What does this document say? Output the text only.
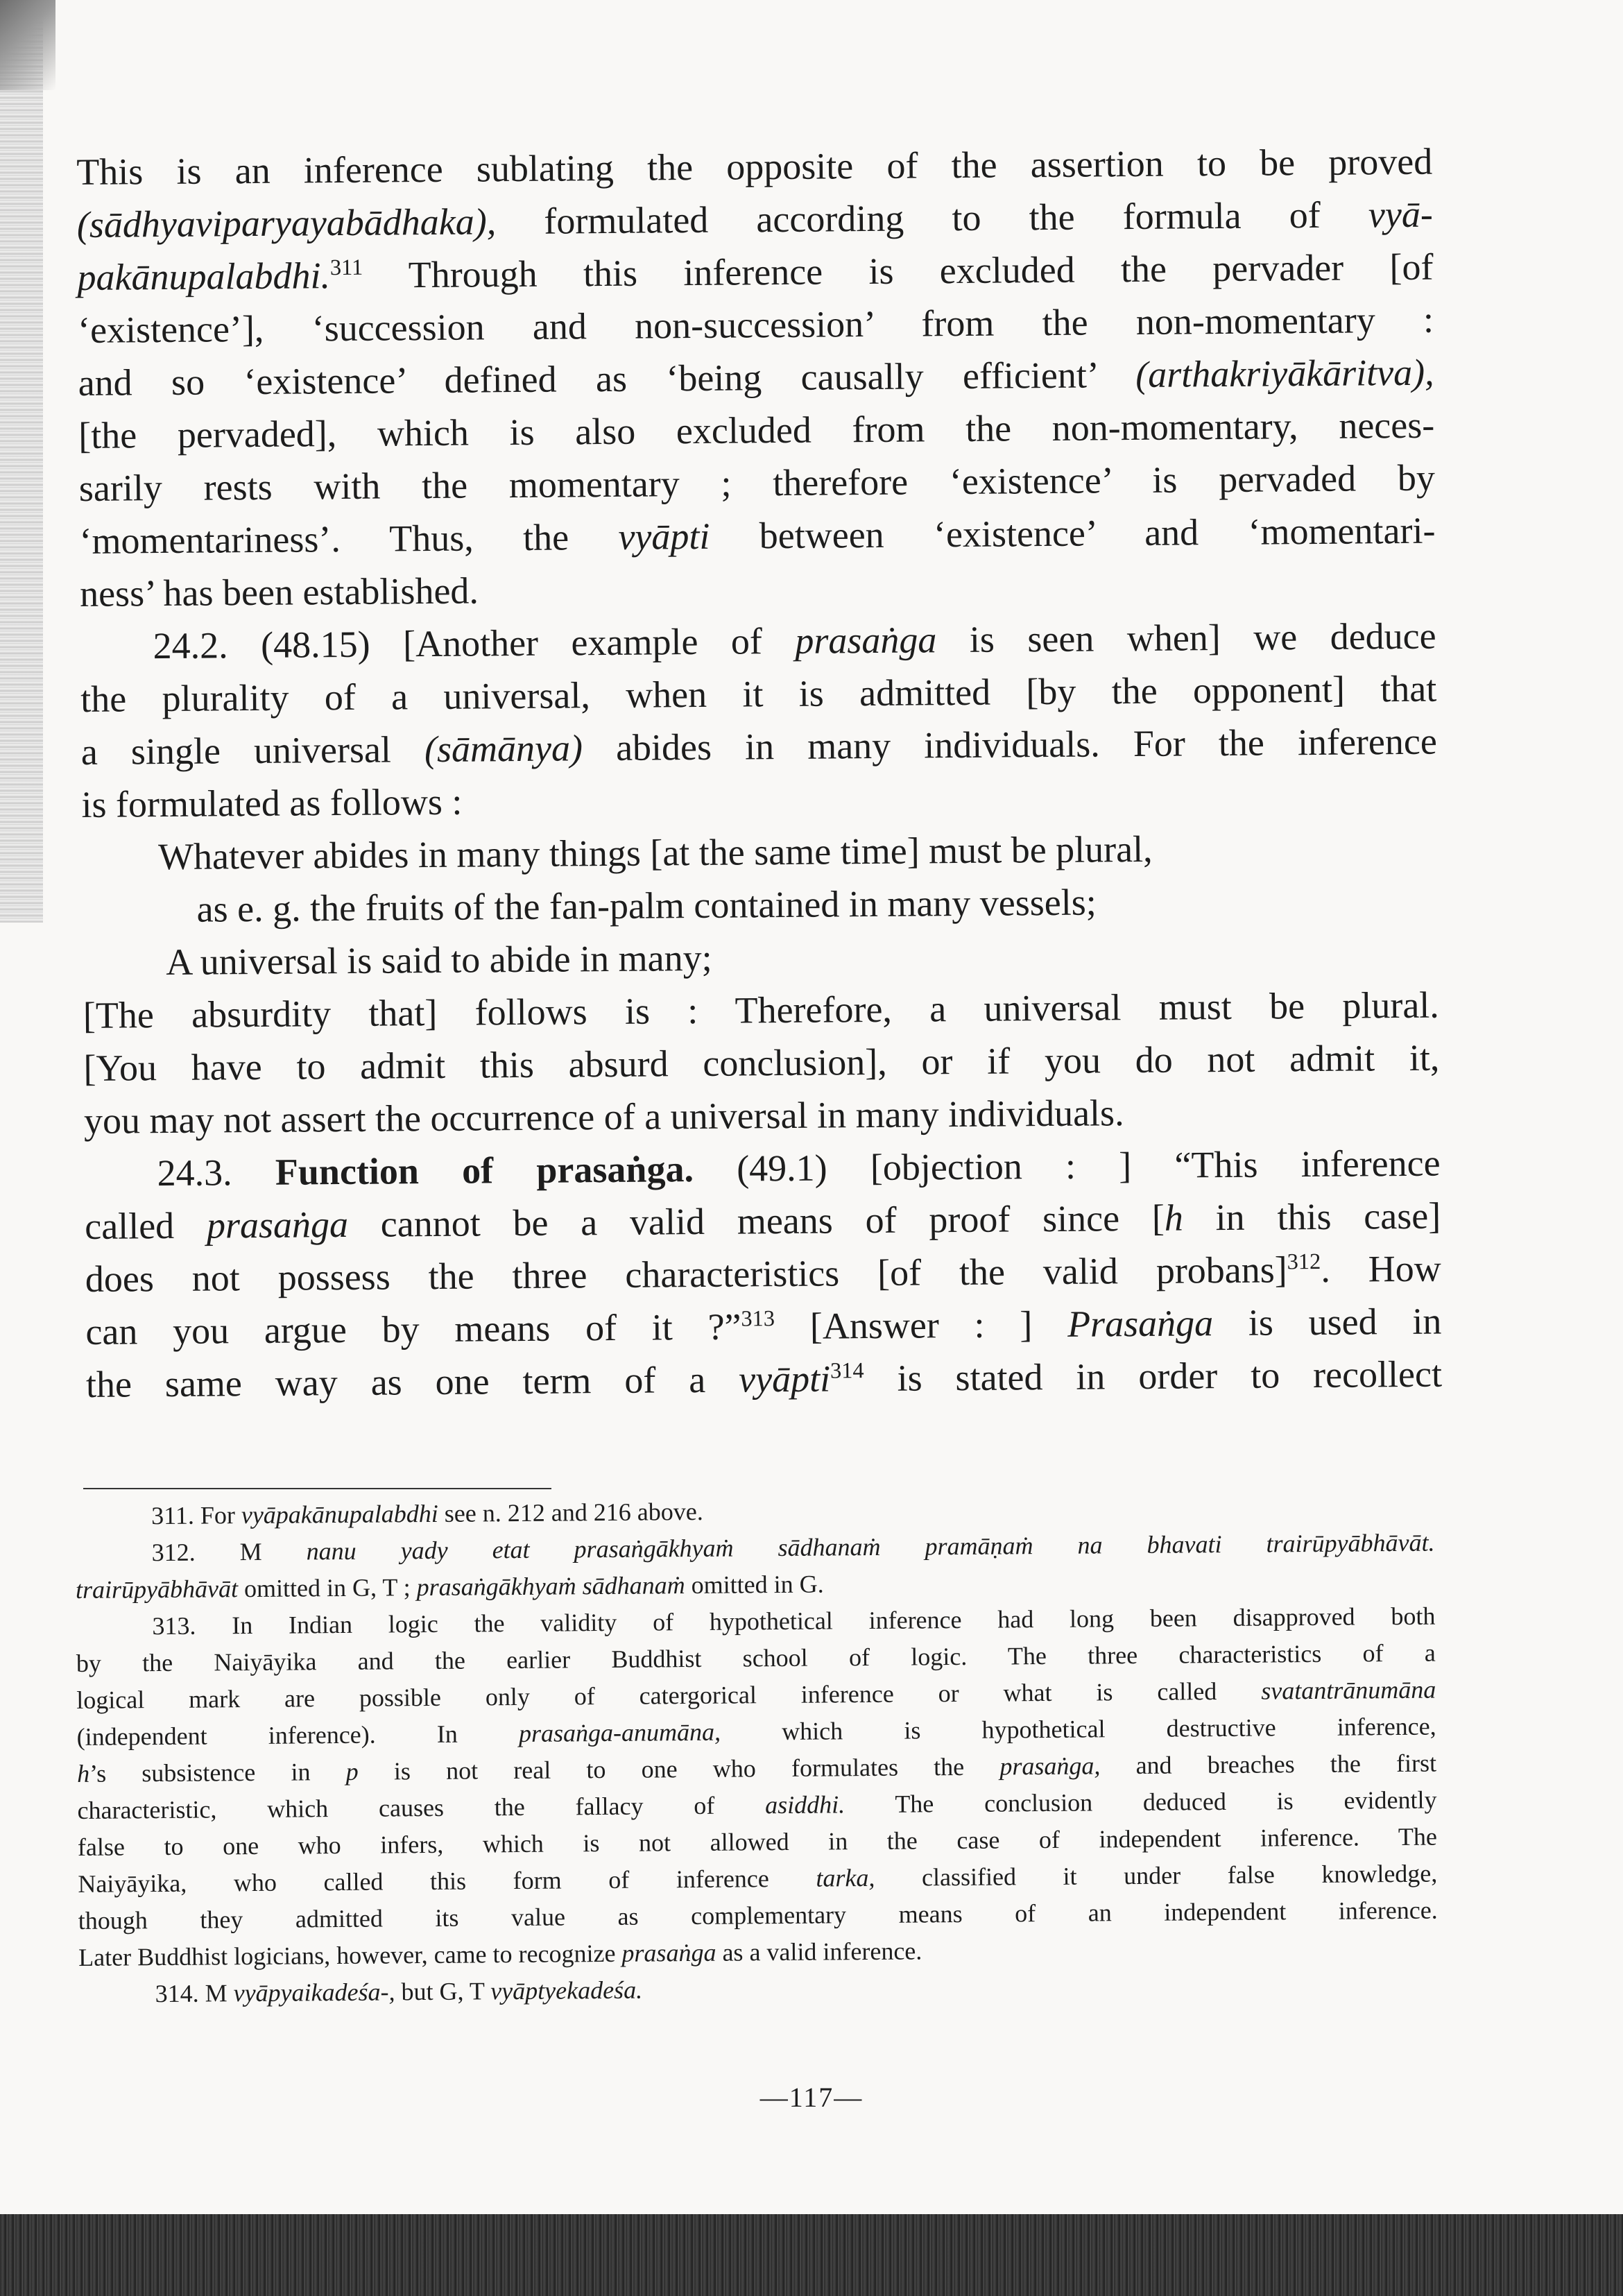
This is an inference sublating the opposite of the assertion to be proved
(sādhyaviparyayabādhaka), formulated according to the formula of vyā-
pakānupalabdhi.$^{311}$ Through this inference is excluded the pervader [of
‘existence’], ‘succession and non-succession’ from the non-momentary :
and so ‘existence’ defined as ‘being causally efficient’ (arthakriyākāritva),
[the pervaded], which is also excluded from the non-momentary, neces-
sarily rests with the momentary ; therefore ‘existence’ is pervaded by
‘momentariness’. Thus, the vyāpti between ‘existence’ and ‘momentari-
ness’ has been established.
24.2. (48.15) [Another example of prasaṅga is seen when] we deduce
the plurality of a universal, when it is admitted [by the opponent] that
a single universal (sāmānya) abides in many individuals. For the inference
is formulated as follows :
Whatever abides in many things [at the same time] must be plural,
as e. g. the fruits of the fan-palm contained in many vessels;
A universal is said to abide in many;
[The absurdity that] follows is : Therefore, a universal must be plural.
[You have to admit this absurd conclusion], or if you do not admit it,
you may not assert the occurrence of a universal in many individuals.
24.3. Function of prasaṅga. (49.1) [objection : ] “This inference
called prasaṅga cannot be a valid means of proof since [h in this case]
does not possess the three characteristics [of the valid probans]$^{312}$. How
can you argue by means of it ?”$^{313}$ [Answer : ] Prasaṅga is used in
the same way as one term of a vyāpti$^{314}$ is stated in order to recollect
311. For vyāpakānupalabdhi see n. 212 and 216 above.
312. M nanu yady etat prasaṅgākhyaṁ sādhanaṁ pramāṇaṁ na bhavati trairūpyābhāvāt.
trairūpyābhāvāt omitted in G, T ; prasaṅgākhyaṁ sādhanaṁ omitted in G.
313. In Indian logic the validity of hypothetical inference had long been disapproved both
by the Naiyāyika and the earlier Buddhist school of logic. The three characteristics of a
logical mark are possible only of catergorical inference or what is called svatantrānumāna
(independent inference). In prasaṅga-anumāna, which is hypothetical destructive inference,
h’s subsistence in p is not real to one who formulates the prasaṅga, and breaches the first
characteristic, which causes the fallacy of asiddhi. The conclusion deduced is evidently
false to one who infers, which is not allowed in the case of independent inference. The
Naiyāyika, who called this form of inference tarka, classified it under false knowledge,
though they admitted its value as complementary means of an independent inference.
Later Buddhist logicians, however, came to recognize prasaṅga as a valid inference.
314. M vyāpyaikadeśa-, but G, T vyāptyekadeśa.
—117—
